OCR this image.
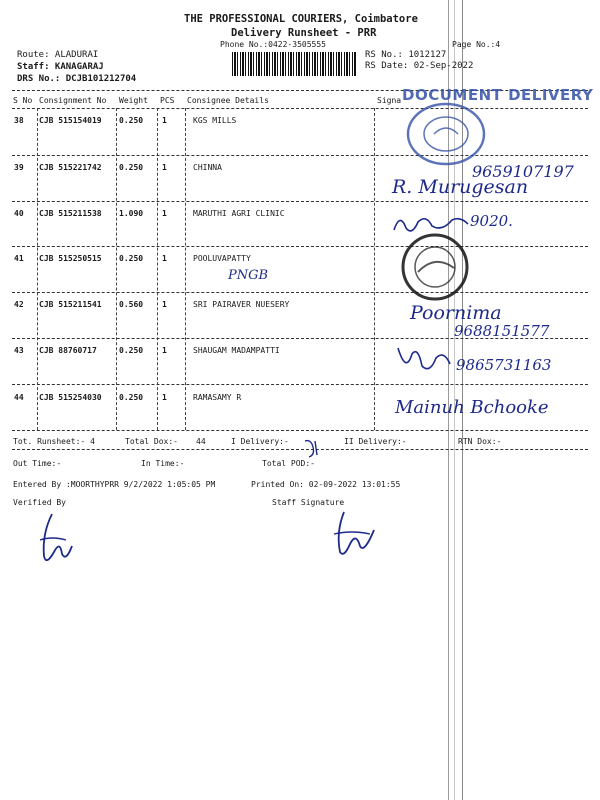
THE PROFESSIONAL COURIERS, Coimbatore
Delivery Runsheet - PRR
Phone No.:0422-3505555	Page No.:4
Route: ALADURAI
Staff: KANAGARAJ
DRS No.: DCJB101212704
RS No.: 1012127
RS Date: 02-Sep-2022
S No Consignment No Weight PCS Consignee Details	Signa
38 CJB 515154019 0.250 1	KGS MILLS
39 CJB 515221742 0.250 1	CHINNA
40 CJB 515211538 1.090 1	MARUTHI AGRI CLINIC
41 CJB 515250515 0.250 1	POOLUVAPATTY
42 CJB 515211541 0.560 1	SRI PAIRAVER NUESERY
43 CJB 88760717	0.250 1	SHAUGAM MADAMPATTI
44 CJB 515254030 0.250 1	RAMASAMY R
Tot. Runsheet:- 4	Total Dox:- 44	I Delivery:-	II Delivery:-	RTN Dox:-
Out Time:-	In Time:-	Total POD:-
Entered By :MOORTHYPRR 9/2/2022 1:05:05 PM	Printed On: 02-09-2022 13:01:55
Verified By	Staff Signature
DOCUMENT DELIVERY
9659107197
R. Murugesan
9020.
PNGB
Poornima
9688151577
9865731163
Mainuh Bchooke
